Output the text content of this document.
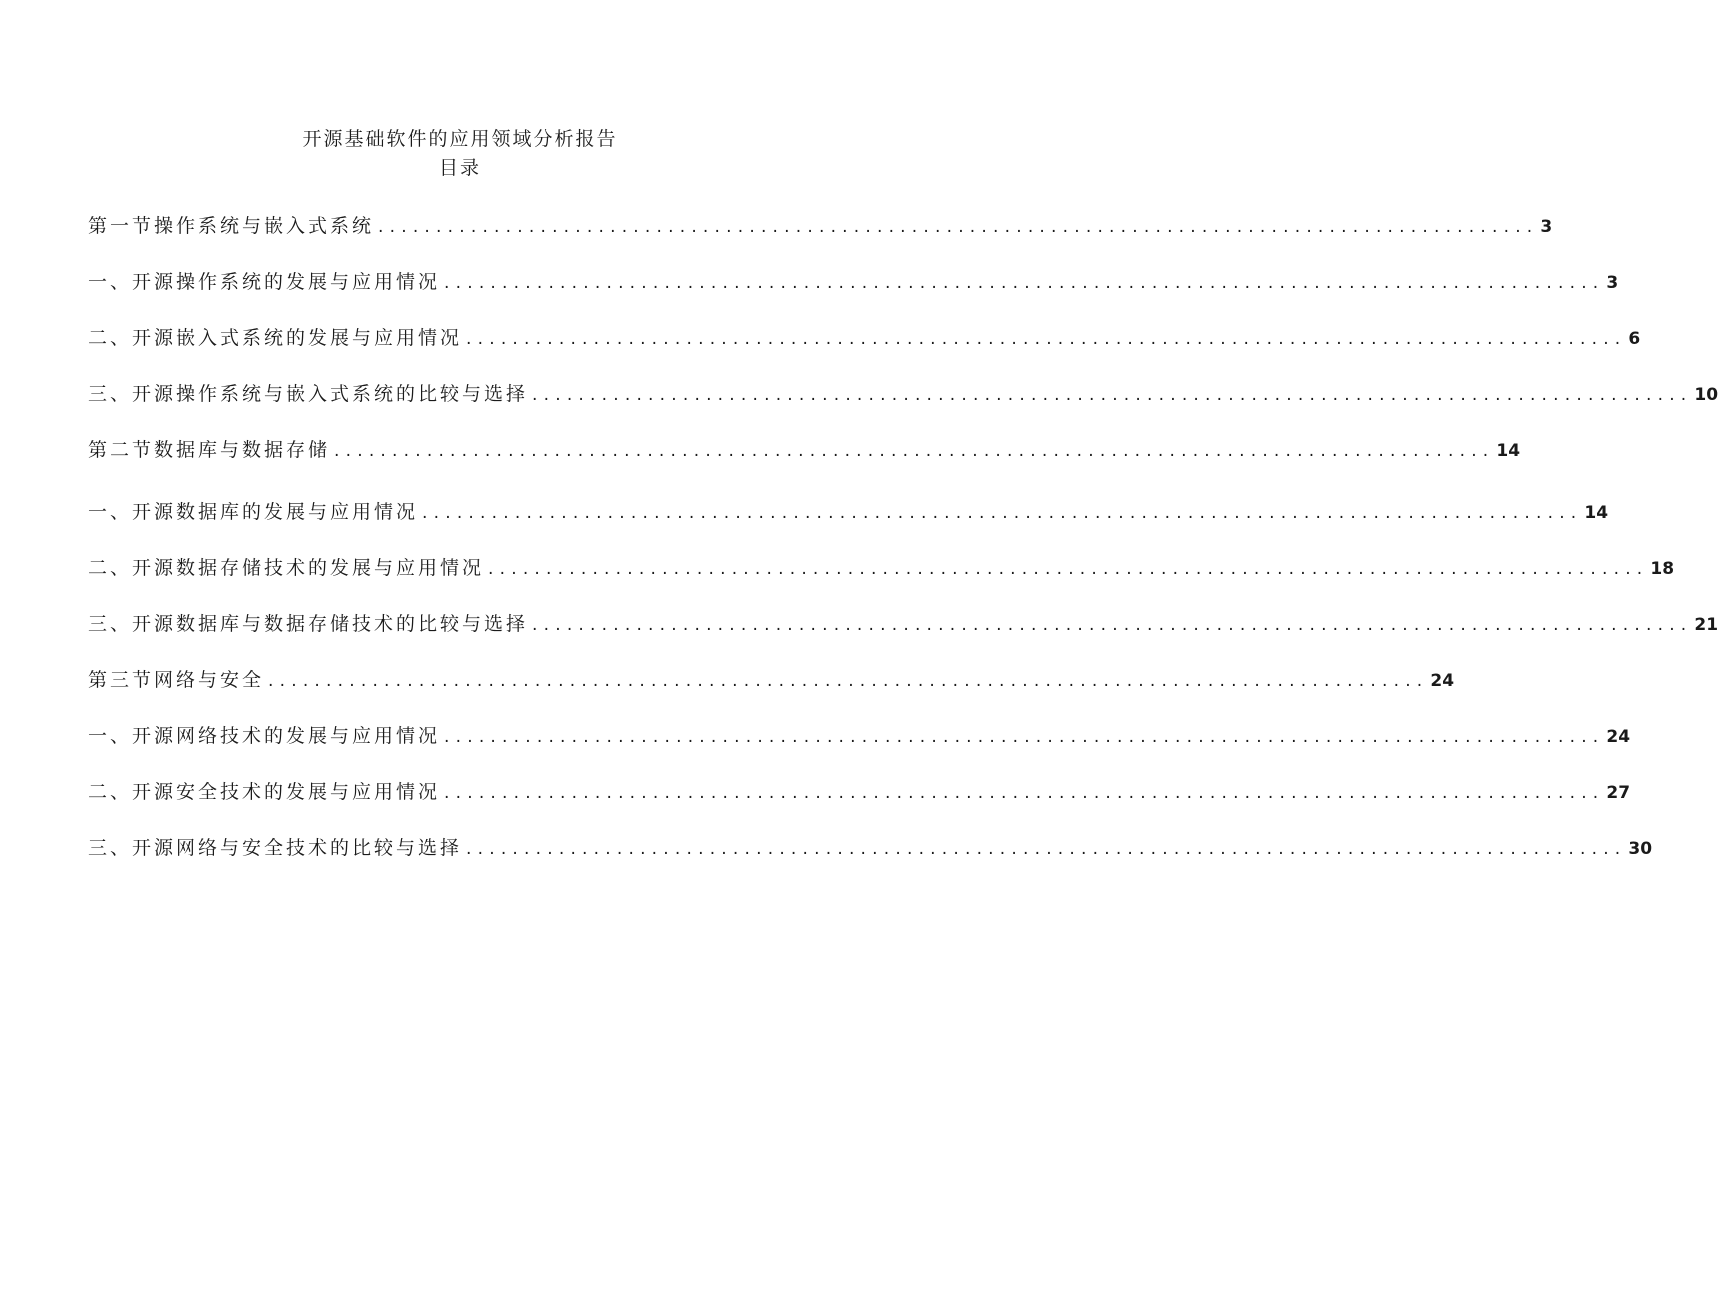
开源基础软件的应用领域分析报告
目录
第一节操作系统与嵌入式系统 .................................................................................................... 3
一、开源操作系统的发展与应用情况 .................................................................................................... 3
二、开源嵌入式系统的发展与应用情况 .................................................................................................... 6
三、开源操作系统与嵌入式系统的比较与选择 .................................................................................................... 10
第二节数据库与数据存储 .................................................................................................... 14
一、开源数据库的发展与应用情况 .................................................................................................... 14
二、开源数据存储技术的发展与应用情况 .................................................................................................... 18
三、开源数据库与数据存储技术的比较与选择 .................................................................................................... 21
第三节网络与安全 .................................................................................................... 24
一、开源网络技术的发展与应用情况 .................................................................................................... 24
二、开源安全技术的发展与应用情况 .................................................................................................... 27
三、开源网络与安全技术的比较与选择 .................................................................................................... 30
